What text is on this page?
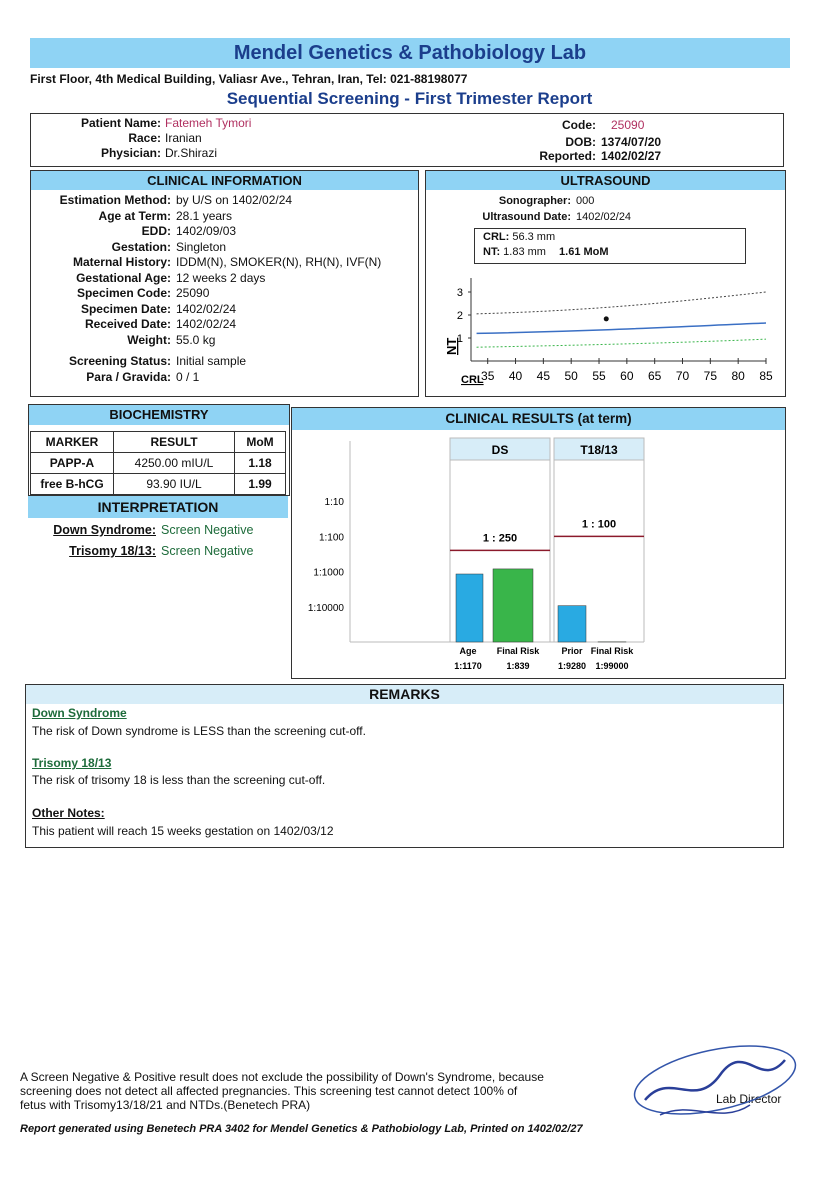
Mendel Genetics & Pathobiology Lab
First Floor, 4th Medical Building, Valiasr Ave., Tehran, Iran, Tel: 021-88198077
Sequential Screening - First Trimester Report
Patient Name: Fatemeh Tymori
Race: Iranian
Physician: Dr.Shirazi
Code: 25090
DOB: 1374/07/20
Reported: 1402/02/27
CLINICAL INFORMATION
Estimation Method: by U/S on 1402/02/24
Age at Term: 28.1 years
EDD: 1402/09/03
Gestation: Singleton
Maternal History: IDDM(N), SMOKER(N), RH(N), IVF(N)
Gestational Age: 12 weeks 2 days
Specimen Code: 25090
Specimen Date: 1402/02/24
Received Date: 1402/02/24
Weight: 55.0 kg
Screening Status: Initial sample
Para / Gravida: 0 / 1
ULTRASOUND
Sonographer: 000
Ultrasound Date: 1402/02/24
CRL: 56.3 mm
NT: 1.83 mm 1.61 MoM
3
2
1
35 40 45 50 55 60 65 70 75 80 85
NT
CRL
BIOCHEMISTRY
MARKER	RESULT	MoM
PAPP-A	4250.00 mIU/L	1.18
free B-hCG	93.90 IU/L	1.99
INTERPRETATION
Down Syndrome: Screen Negative
Trisomy 18/13: Screen Negative
CLINICAL RESULTS (at term)
1:10
1:100
1:1000
1:10000
DS
1 : 250
Age
1:1170
Final Risk
1:839
T18/13
1 : 100
Prior
1:9280
Final Risk
1:99000
REMARKS
Down Syndrome
The risk of Down syndrome is LESS than the screening cut-off.
Trisomy 18/13
The risk of trisomy 18 is less than the screening cut-off.
Other Notes:
This patient will reach 15 weeks gestation on 1402/03/12
A Screen Negative & Positive result does not exclude the possibility of Down's Syndrome, because
screening does not detect all affected pregnancies. This screening test cannot detect 100% of
fetus with Trisomy13/18/21 and NTDs.(Benetech PRA)
Report generated using Benetech PRA 3402 for Mendel Genetics & Pathobiology Lab, Printed on 1402/02/27
Lab Director
